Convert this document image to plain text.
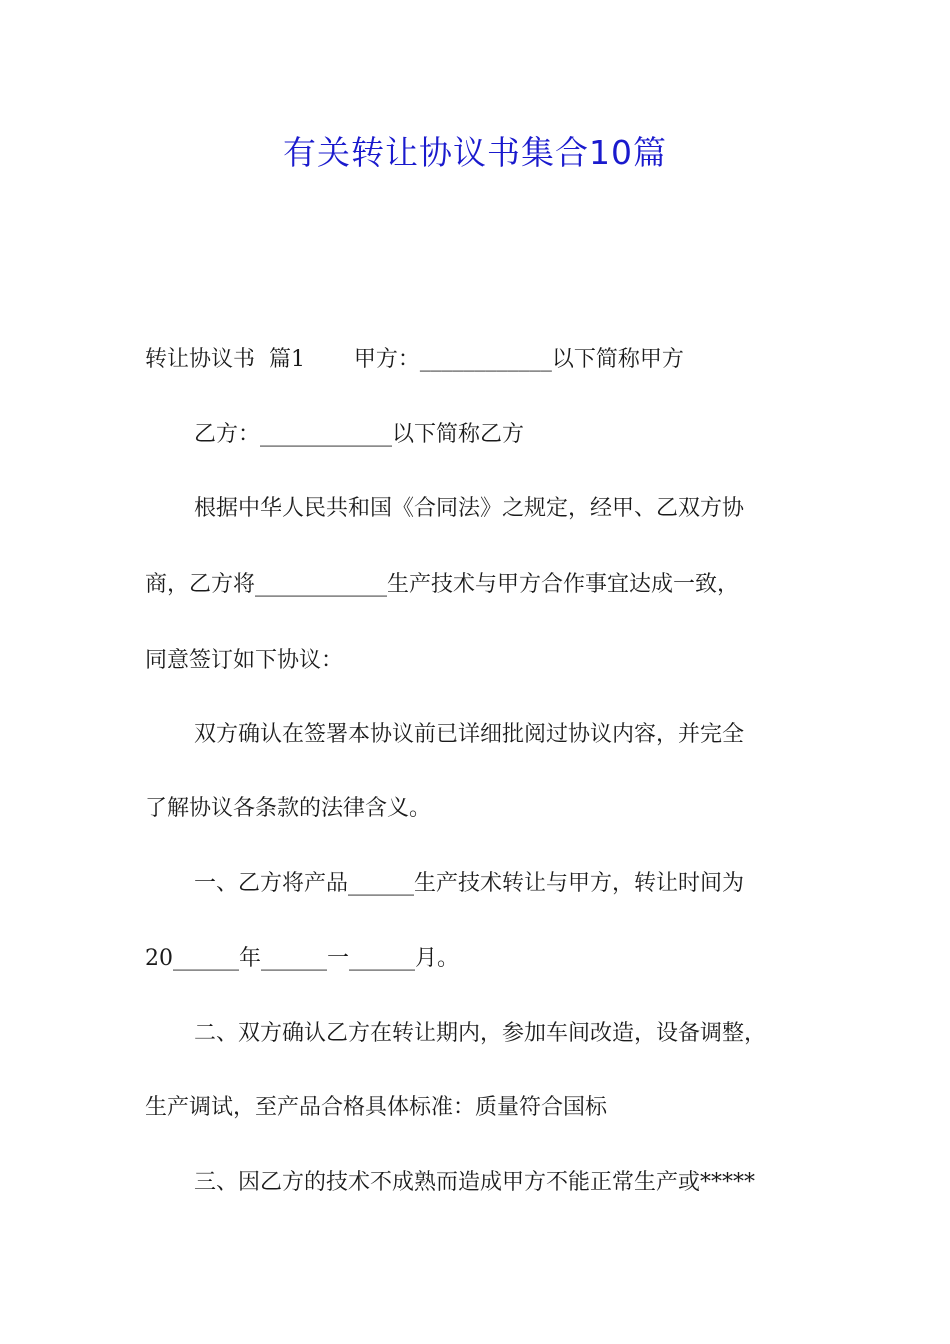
有关转让协议书集合10篇
转让协议书  篇1       甲方：____________以下简称甲方
乙方：____________以下简称乙方
根据中华人民共和国《合同法》之规定，经甲、乙双方协
商，乙方将____________生产技术与甲方合作事宜达成一致，
同意签订如下协议：
双方确认在签署本协议前已详细批阅过协议内容，并完全
了解协议各条款的法律含义。
一、乙方将产品______生产技术转让与甲方，转让时间为
20______年______一______月。
二、双方确认乙方在转让期内，参加车间改造，设备调整，
生产调试，至产品合格具体标准：质量符合国标
三、因乙方的技术不成熟而造成甲方不能正常生产或*****
